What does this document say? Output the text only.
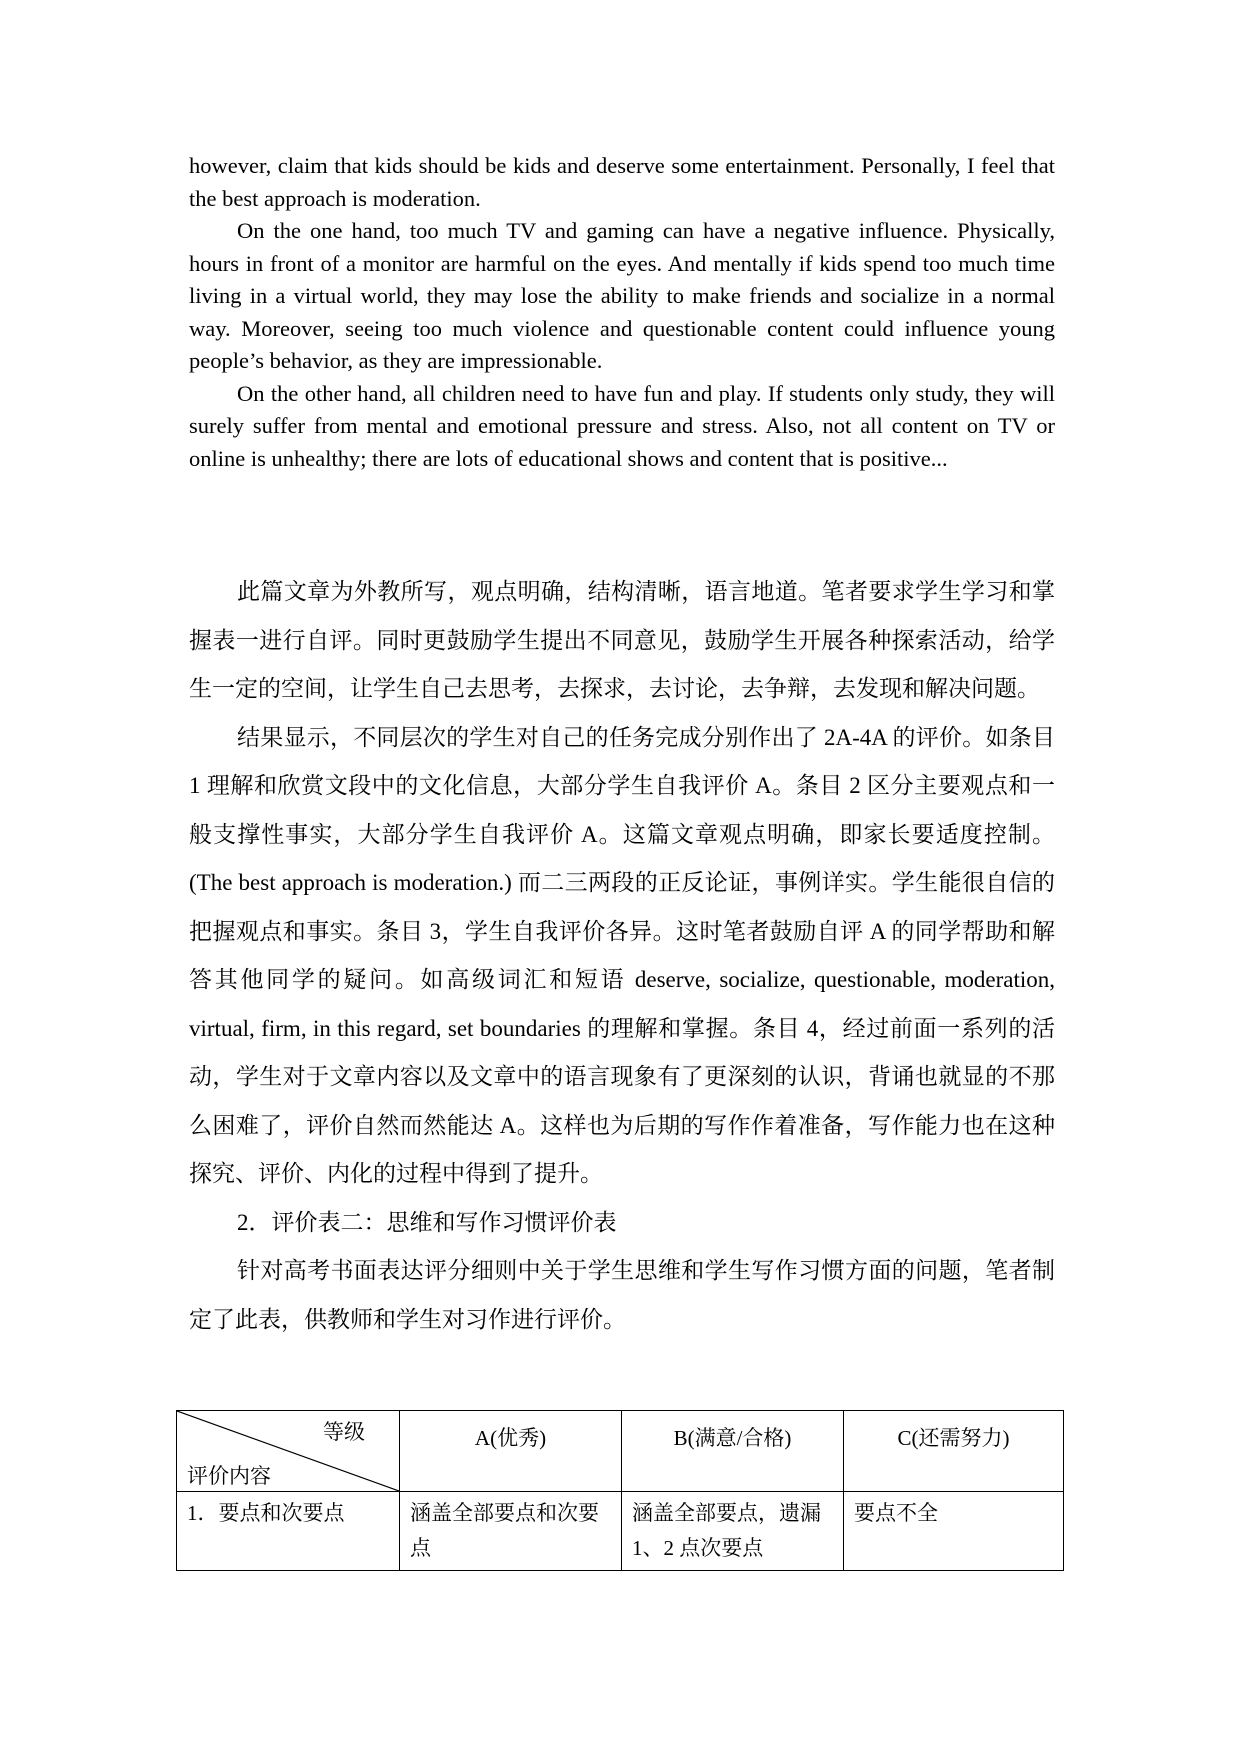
however, claim that kids should be kids and deserve some entertainment. Personally, I feel that the best approach is moderation.

On the one hand, too much TV and gaming can have a negative influence. Physically, hours in front of a monitor are harmful on the eyes. And mentally if kids spend too much time living in a virtual world, they may lose the ability to make friends and socialize in a normal way. Moreover, seeing too much violence and questionable content could influence young people’s behavior, as they are impressionable.

On the other hand, all children need to have fun and play. If students only study, they will surely suffer from mental and emotional pressure and stress. Also, not all content on TV or online is unhealthy; there are lots of educational shows and content that is positive...

此篇文章为外教所写，观点明确，结构清晰，语言地道。笔者要求学生学习和掌握表一进行自评。同时更鼓励学生提出不同意见，鼓励学生开展各种探索活动，给学生一定的空间，让学生自己去思考，去探求，去讨论，去争辩，去发现和解决问题。

结果显示，不同层次的学生对自己的任务完成分别作出了 2A-4A 的评价。如条目 1 理解和欣赏文段中的文化信息，大部分学生自我评价 A。条目 2 区分主要观点和一般支撑性事实，大部分学生自我评价 A。这篇文章观点明确，即家长要适度控制。(The best approach is moderation.) 而二三两段的正反论证，事例详实。学生能很自信的把握观点和事实。条目 3，学生自我评价各异。这时笔者鼓励自评 A 的同学帮助和解答其他同学的疑问。如高级词汇和短语 deserve, socialize, questionable, moderation, virtual, firm, in this regard, set boundaries 的理解和掌握。条目 4，经过前面一系列的活动，学生对于文章内容以及文章中的语言现象有了更深刻的认识，背诵也就显的不那么困难了，评价自然而然能达 A。这样也为后期的写作作着准备，写作能力也在这种探究、评价、内化的过程中得到了提升。

2．评价表二：思维和写作习惯评价表

针对高考书面表达评分细则中关于学生思维和学生写作习惯方面的问题，笔者制定了此表，供教师和学生对习作进行评价。

等级
评价内容	A(优秀)	B(满意/合格)	C(还需努力)
1．要点和次要点	涵盖全部要点和次要点	涵盖全部要点，遗漏 1、2 点次要点	要点不全
